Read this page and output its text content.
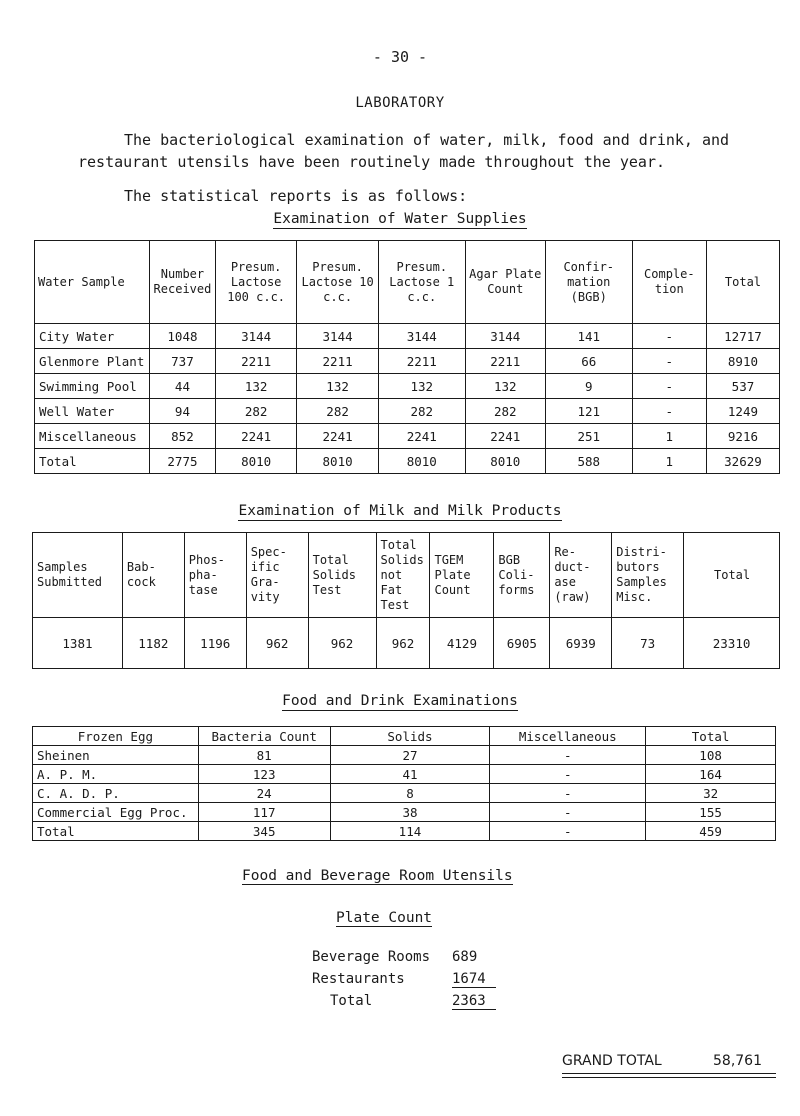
- 30 -
LABORATORY
The bacteriological examination of water, milk, food and drink, and restaurant utensils have been routinely made throughout the year.
The statistical reports is as follows:
Examination of Water Supplies
Water Sample	Number Received	Presum. Lactose 100 c.c.	Presum. Lactose 10 c.c.	Presum. Lactose 1 c.c.	Agar Plate Count	Confir- mation (BGB)	Comple- tion	Total
City Water	1048	3144	3144	3144	3144	141	-	12717
Glenmore Plant	737	2211	2211	2211	2211	66	-	8910
Swimming Pool	44	132	132	132	132	9	-	537
Well Water	94	282	282	282	282	121	-	1249
Miscellaneous	852	2241	2241	2241	2241	251	1	9216
Total	2775	8010	8010	8010	8010	588	1	32629
Examination of Milk and Milk Products
Samples Submitted	Bab- cock	Phos- pha- tase	Spec- ific Gra- vity	Total Solids Test	Total Solids not Fat Test	TGEM Plate Count	BGB Coli- forms	Re- duct- ase (raw)	Distri- butors Samples Misc.	Total
1381	1182	1196	962	962	962	4129	6905	6939	73	23310
Food and Drink Examinations
Frozen Egg	Bacteria Count	Solids	Miscellaneous	Total
Sheinen	81	27	-	108
A. P. M.	123	41	-	164
C. A. D. P.	24	8	-	32
Commercial Egg Proc.	117	38	-	155
Total	345	114	-	459
Food and Beverage Room Utensils
Plate Count
Beverage Rooms 689
Restaurants	1674
Total	2363
GRAND TOTAL	58,761
